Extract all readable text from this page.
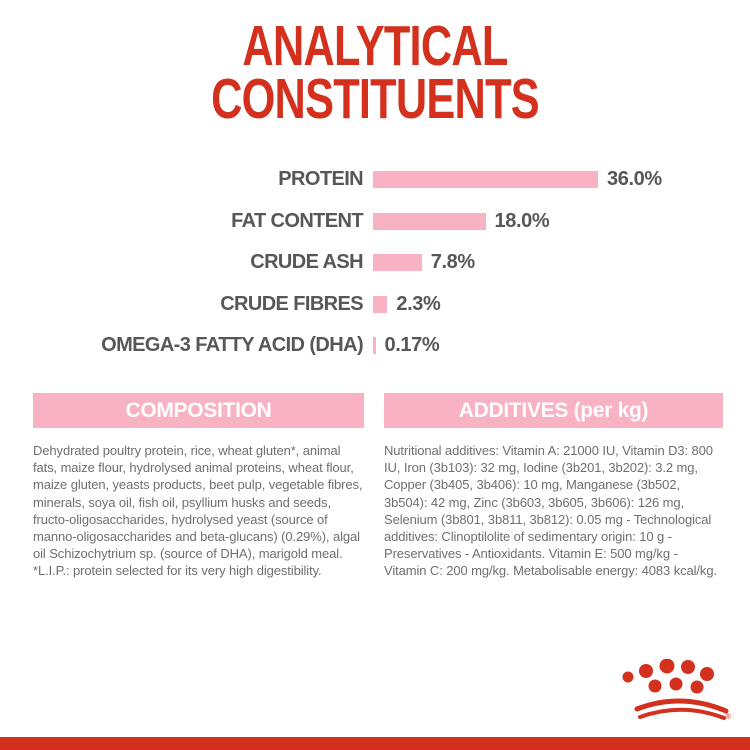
ANALYTICAL
CONSTITUENTS
PROTEIN	36.0%
FAT CONTENT	18.0%
CRUDE ASH	7.8%
CRUDE FIBRES 2.3%
OMEGA-3 FATTY ACID (DHA) 0.17%
COMPOSITION

Dehydrated poultry protein, rice, wheat gluten*, animal fats, maize flour, hydrolysed animal proteins, wheat flour, maize gluten, yeasts products, beet pulp, vegetable fibres, minerals, soya oil, fish oil, psyllium husks and seeds, fructo-oligosaccharides, hydrolysed yeast (source of manno-oligosaccharides and beta-glucans) (0.29%), algal oil Schizochytrium sp. (source of DHA), marigold meal. *L.I.P.: protein selected for its very high digestibility.

ADDITIVES (per kg)

Nutritional additives: Vitamin A: 21000 IU, Vitamin D3: 800 IU, Iron (3b103): 32 mg, Iodine (3b201, 3b202): 3.2 mg, Copper (3b405, 3b406): 10 mg, Manganese (3b502, 3b504): 42 mg, Zinc (3b603, 3b605, 3b606): 126 mg, Selenium (3b801, 3b811, 3b812): 0.05 mg - Technological additives: Clinoptilolite of sedimentary origin: 10 g - Preservatives - Antioxidants. Vitamin E: 500 mg/kg - Vitamin C: 200 mg/kg. Metabolisable energy: 4083 kcal/kg.

®
